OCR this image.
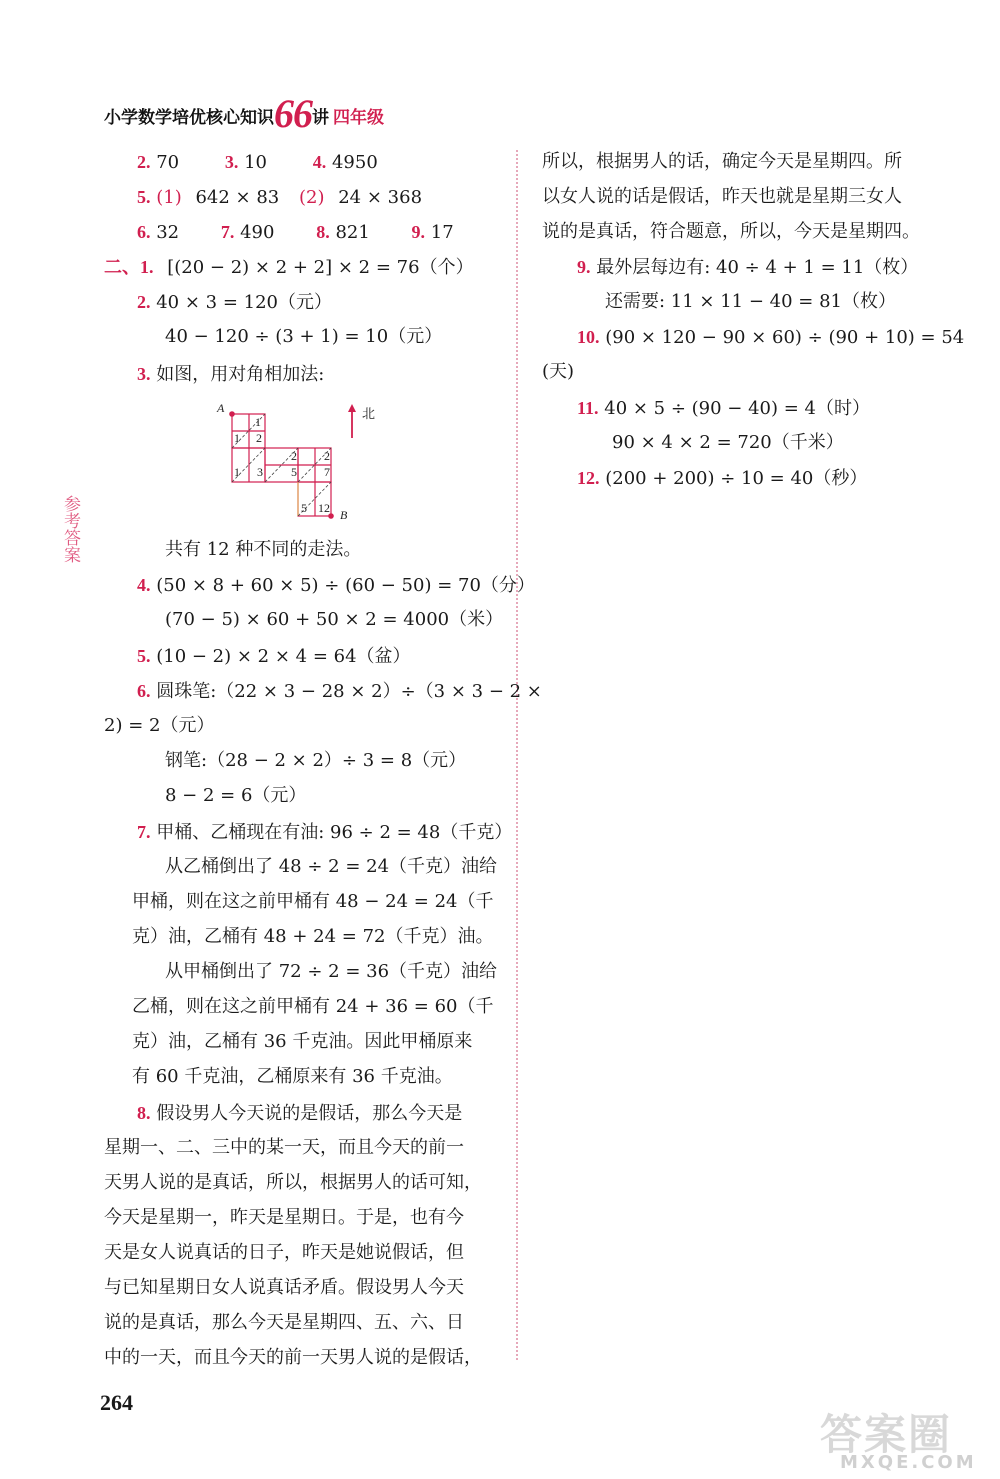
小学数学培优核心知识66讲 四年级
参考答案
2. 70	3. 10	4. 4950
5. (1) 642 × 83 (2) 24 × 368
6. 32 7. 490 8. 821 9. 17
二、1. [(20 − 2) × 2 + 2] × 2 = 76（个）
2. 40 × 3 = 120（元）
40 − 120 ÷ (3 + 1) = 10（元）
3. 如图，用对角相加法:
A
B
1
1 2
1 3
2 2
5 7
5 12
北
共有 12 种不同的走法。
4. (50 × 8 + 60 × 5) ÷ (60 − 50) = 70（分）
(70 − 5) × 60 + 50 × 2 = 4000（米）
5. (10 − 2) × 2 × 4 = 64（盆）
6. 圆珠笔:（22 × 3 − 28 × 2）÷（3 × 3 − 2 ×
2) = 2（元）
钢笔:（28 − 2 × 2）÷ 3 = 8（元）
8 − 2 = 6（元）
7. 甲桶、乙桶现在有油: 96 ÷ 2 = 48（千克）
从乙桶倒出了 48 ÷ 2 = 24（千克）油给
甲桶，则在这之前甲桶有 48 − 24 = 24（千
克）油，乙桶有 48 + 24 = 72（千克）油。
从甲桶倒出了 72 ÷ 2 = 36（千克）油给
乙桶，则在这之前甲桶有 24 + 36 = 60（千
克）油，乙桶有 36 千克油。因此甲桶原来
有 60 千克油，乙桶原来有 36 千克油。
8. 假设男人今天说的是假话，那么今天是
星期一、二、三中的某一天，而且今天的前一
天男人说的是真话，所以，根据男人的话可知，
今天是星期一，昨天是星期日。于是，也有今
天是女人说真话的日子，昨天是她说假话，但
与已知星期日女人说真话矛盾。假设男人今天
说的是真话，那么今天是星期四、五、六、日
中的一天，而且今天的前一天男人说的是假话，
所以，根据男人的话，确定今天是星期四。所
以女人说的话是假话，昨天也就是星期三女人
说的是真话，符合题意，所以，今天是星期四。
9. 最外层每边有: 40 ÷ 4 + 1 = 11（枚）
还需要: 11 × 11 − 40 = 81（枚）
10. (90 × 120 − 90 × 60) ÷ (90 + 10) = 54
(天)
11. 40 × 5 ÷ (90 − 40) = 4（时）
90 × 4 × 2 = 720（千米）
12. (200 + 200) ÷ 10 = 40（秒）
264
答案圈
MXQE.COM
